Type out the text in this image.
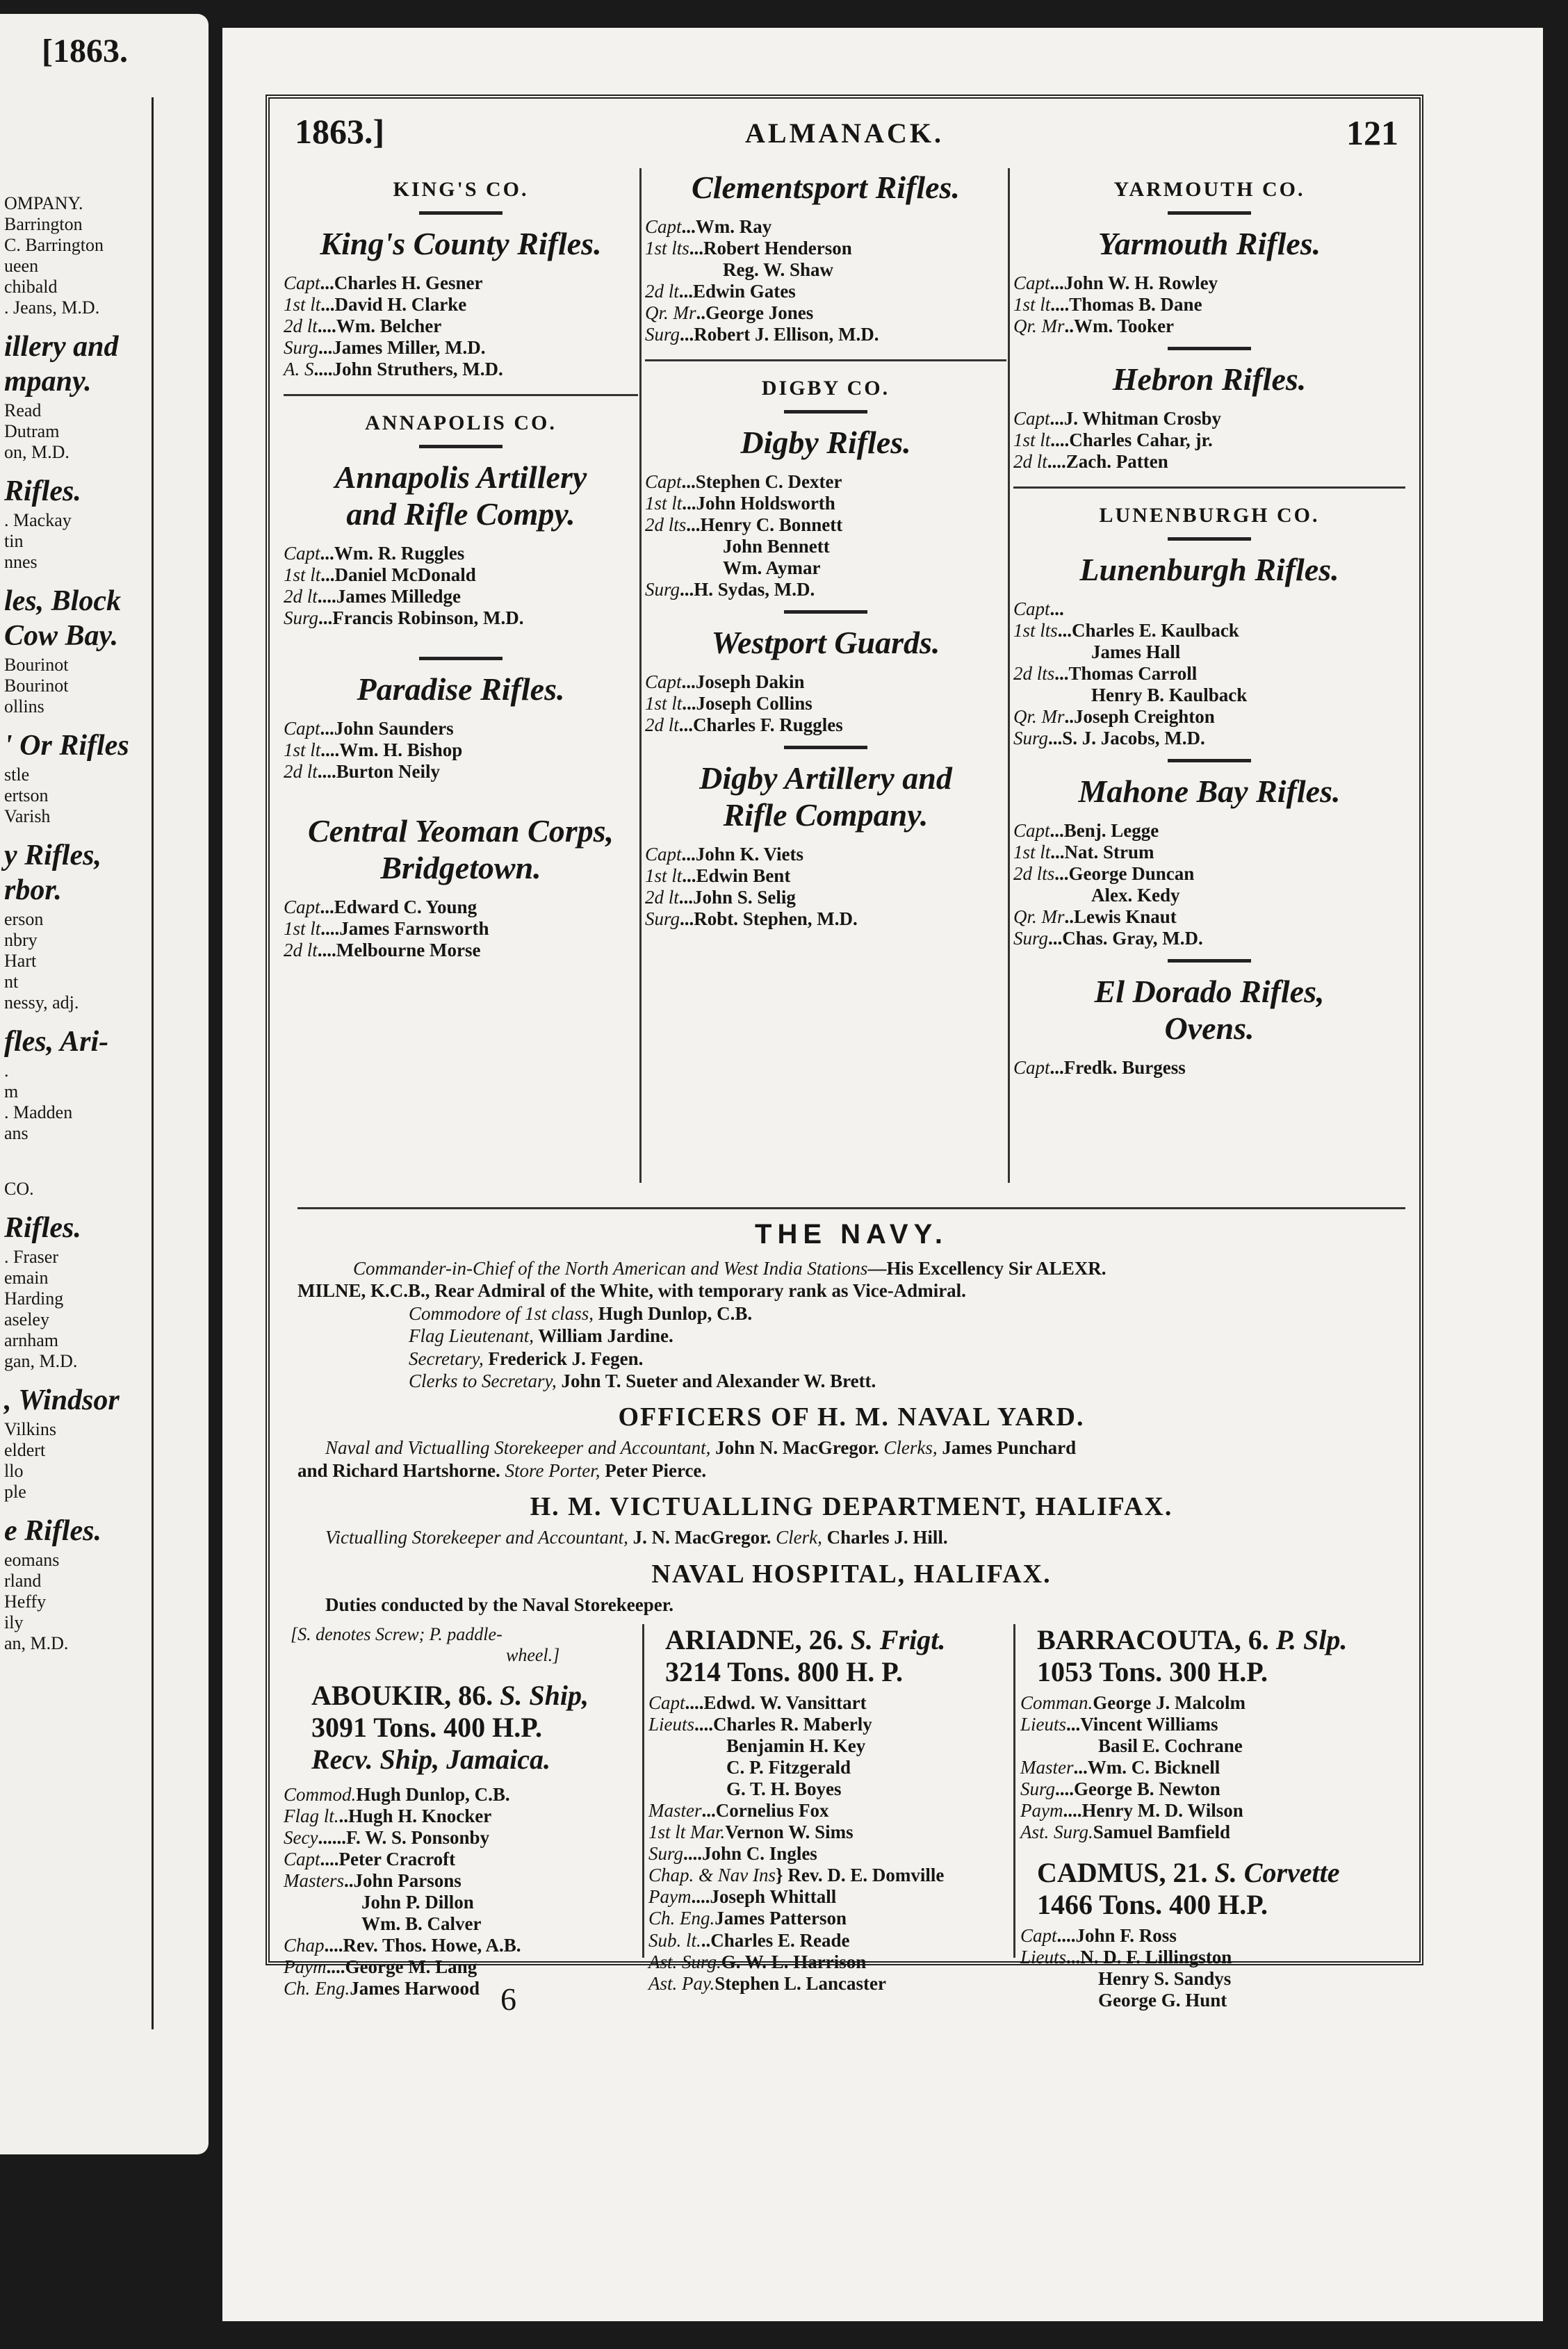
[1863.
OMPANY.
Barrington
C. Barrington
ueen
chibald
. Jeans, M.D.
illery and
mpany.
Read
Dutram
on, M.D.
Rifles.
. Mackay
tin
nnes
les, Block
Cow Bay.
Bourinot
Bourinot
ollins
' Or Rifles
stle
ertson
Varish
y Rifles,
rbor.
erson
nbry
Hart
nt
nessy, adj.
fles, Ari-
.
m
. Madden
ans
CO.
Rifles.
. Fraser
emain
Harding
aseley
arnham
gan, M.D.
, Windsor
Vilkins
eldert
llo
ple
e Rifles.
eomans
rland
Heffy
ily
an, M.D.
1863.]	ALMANACK.	121
KING'S CO.
King's County Rifles.
Capt...Charles H. Gesner
1st lt...David H. Clarke
2d lt....Wm. Belcher
Surg...James Miller, M.D.
A. S....John Struthers, M.D.
ANNAPOLIS CO.
Annapolis Artillery
and Rifle Compy.
Capt...Wm. R. Ruggles
1st lt...Daniel McDonald
2d lt....James Milledge
Surg...Francis Robinson, M.D.
Paradise Rifles.
Capt...John Saunders
1st lt....Wm. H. Bishop
2d lt....Burton Neily
Central Yeoman Corps,
Bridgetown.
Capt...Edward C. Young
1st lt....James Farnsworth
2d lt....Melbourne Morse
Clementsport Rifles.
Capt...Wm. Ray
1st lts...Robert Henderson
Reg. W. Shaw
2d lt...Edwin Gates
Qr. Mr..George Jones
Surg...Robert J. Ellison, M.D.
DIGBY CO.
Digby Rifles.
Capt...Stephen C. Dexter
1st lt...John Holdsworth
2d lts...Henry C. Bonnett
John Bennett
Wm. Aymar
Surg...H. Sydas, M.D.
Westport Guards.
Capt...Joseph Dakin
1st lt...Joseph Collins
2d lt...Charles F. Ruggles
Digby Artillery and
Rifle Company.
Capt...John K. Viets
1st lt...Edwin Bent
2d lt...John S. Selig
Surg...Robt. Stephen, M.D.
YARMOUTH CO.
Yarmouth Rifles.
Capt...John W. H. Rowley
1st lt....Thomas B. Dane
Qr. Mr..Wm. Tooker
Hebron Rifles.
Capt...J. Whitman Crosby
1st lt....Charles Cahar, jr.
2d lt....Zach. Patten
LUNENBURGH CO.
Lunenburgh Rifles.
Capt...
1st lts...Charles E. Kaulback
James Hall
2d lts...Thomas Carroll
Henry B. Kaulback
Qr. Mr..Joseph Creighton
Surg...S. J. Jacobs, M.D.
Mahone Bay Rifles.
Capt...Benj. Legge
1st lt...Nat. Strum
2d lts...George Duncan
Alex. Kedy
Qr. Mr..Lewis Knaut
Surg...Chas. Gray, M.D.
El Dorado Rifles,
Ovens.
Capt...Fredk. Burgess
THE NAVY.
Commander-in-Chief of the North American and West India Stations—His Excellency Sir ALEXR.
MILNE, K.C.B., Rear Admiral of the White, with temporary rank as Vice-Admiral.
Commodore of 1st class, Hugh Dunlop, C.B.
Flag Lieutenant, William Jardine.
Secretary, Frederick J. Fegen.
Clerks to Secretary, John T. Sueter and Alexander W. Brett.
OFFICERS OF H. M. NAVAL YARD.
Naval and Victualling Storekeeper and Accountant, John N. MacGregor. Clerks, James Punchard
and Richard Hartshorne. Store Porter, Peter Pierce.
H. M. VICTUALLING DEPARTMENT, HALIFAX.
Victualling Storekeeper and Accountant, J. N. MacGregor. Clerk, Charles J. Hill.
NAVAL HOSPITAL, HALIFAX.
Duties conducted by the Naval Storekeeper.
[S. denotes Screw; P. paddle-
wheel.]
ABOUKIR, 86. S. Ship,
3091 Tons. 400 H.P.
Recv. Ship, Jamaica.
Commod.Hugh Dunlop, C.B.
Flag lt...Hugh H. Knocker
Secy......F. W. S. Ponsonby
Capt....Peter Cracroft
Masters..John Parsons
John P. Dillon
Wm. B. Calver
Chap....Rev. Thos. Howe, A.B.
Paym....George M. Lang
Ch. Eng.James Harwood
ARIADNE, 26. S. Frigt.
3214 Tons. 800 H. P.
Capt....Edwd. W. Vansittart
Lieuts....Charles R. Maberly
Benjamin H. Key
C. P. Fitzgerald
G. T. H. Boyes
Master...Cornelius Fox
1st lt Mar.Vernon W. Sims
Surg....John C. Ingles
Chap. & Nav Ins} Rev. D. E. Domville
Paym....Joseph Whittall
Ch. Eng.James Patterson
Sub. lt...Charles E. Reade
Ast. Surg.G. W. L. Harrison
Ast. Pay.Stephen L. Lancaster
BARRACOUTA, 6. P. Slp.
1053 Tons. 300 H.P.
Comman.George J. Malcolm
Lieuts...Vincent Williams
Basil E. Cochrane
Master...Wm. C. Bicknell
Surg....George B. Newton
Paym....Henry M. D. Wilson
Ast. Surg.Samuel Bamfield
CADMUS, 21. S. Corvette
1466 Tons. 400 H.P.
Capt....John F. Ross
Lieuts...N. D. F. Lillingston
Henry S. Sandys
George G. Hunt
6
